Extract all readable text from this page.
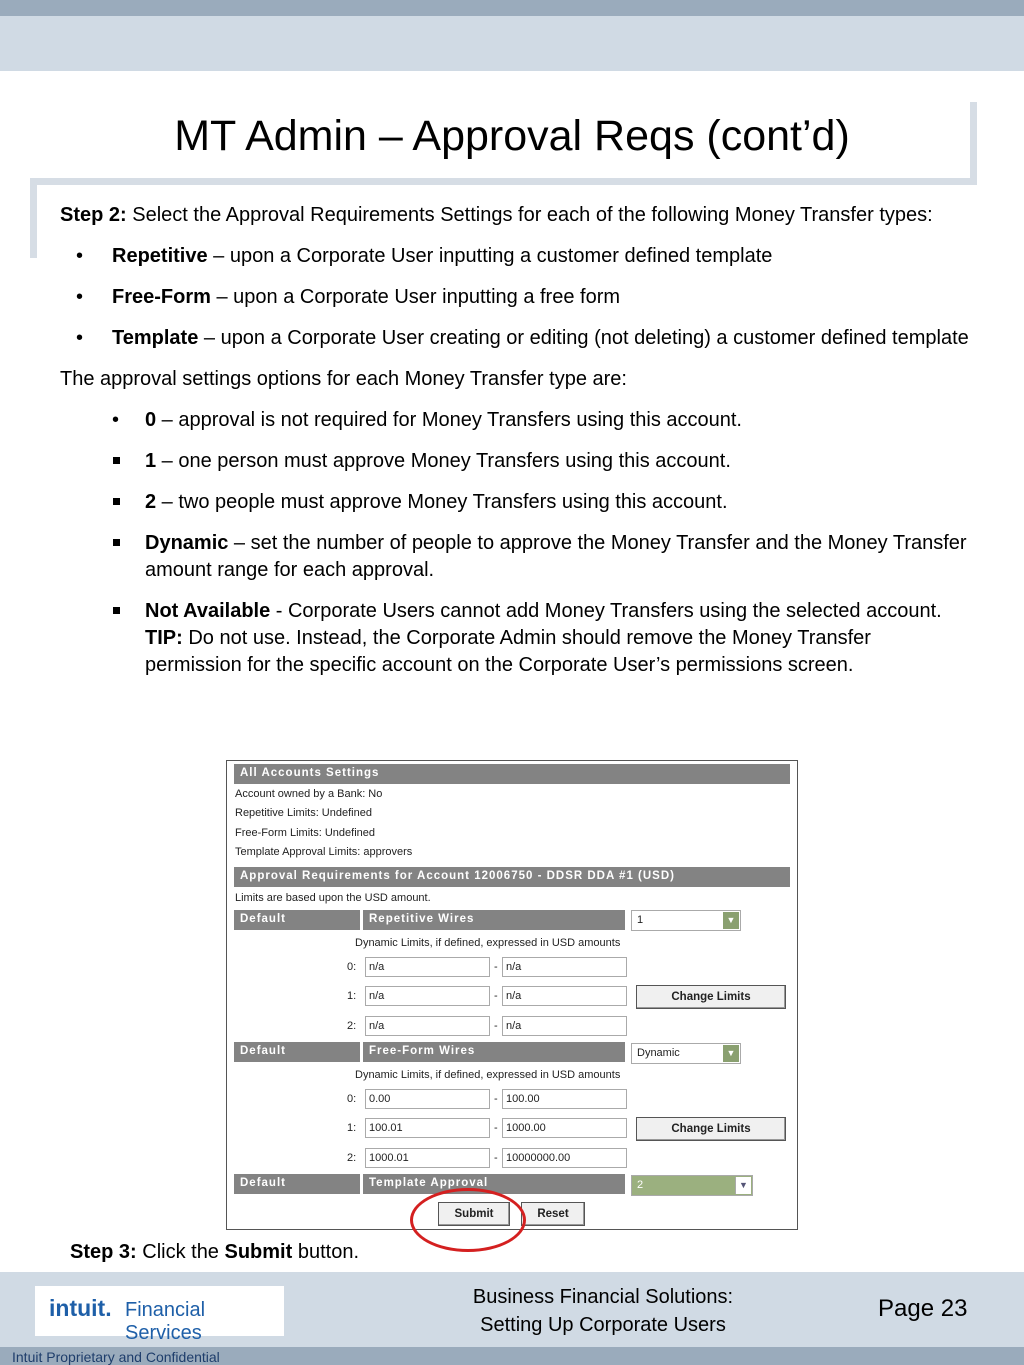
MT Admin – Approval Reqs (cont’d)

Step 2: Select the Approval Requirements Settings for each of the following Money Transfer types:

• Repetitive – upon a Corporate User inputting a customer defined template
• Free-Form – upon a Corporate User inputting a free form
• Template – upon a Corporate User creating or editing (not deleting) a customer defined template

The approval settings options for each Money Transfer type are:

• 0 – approval is not required for Money Transfers using this account.
1 – one person must approve Money Transfers using this account.
2 – two people must approve Money Transfers using this account.
Dynamic – set the number of people to approve the Money Transfer and the Money Transfer amount range for each approval.
Not Available - Corporate Users cannot add Money Transfers using the selected account. TIP: Do not use. Instead, the Corporate Admin should remove the Money Transfer permission for the specific account on the Corporate User’s permissions screen.
All Accounts Settings
Account owned by a Bank: No
Repetitive Limits: Undefined
Free-Form Limits: Undefined
Template Approval Limits: approvers
Approval Requirements for Account 12006750 - DDSR DDA #1 (USD)
Limits are based upon the USD amount.
Default	Repetitive Wires	1	▼
Dynamic Limits, if defined, expressed in USD amounts
0:	n/a	- n/a
1:	n/a	- n/a	Change Limits
2:	n/a	- n/a
Default	Free-Form Wires	Dynamic	▼
Dynamic Limits, if defined, expressed in USD amounts
0:	0.00	- 100.00
1:	100.01	- 1000.00	Change Limits
2:	1000.01	- 10000000.00
Default	Template Approval	2	▼
Submit	Reset
Step 3: Click the Submit button.
intuit. Financial Services
Business Financial Solutions:
Setting Up Corporate Users
Page 23
Intuit Proprietary and Confidential
